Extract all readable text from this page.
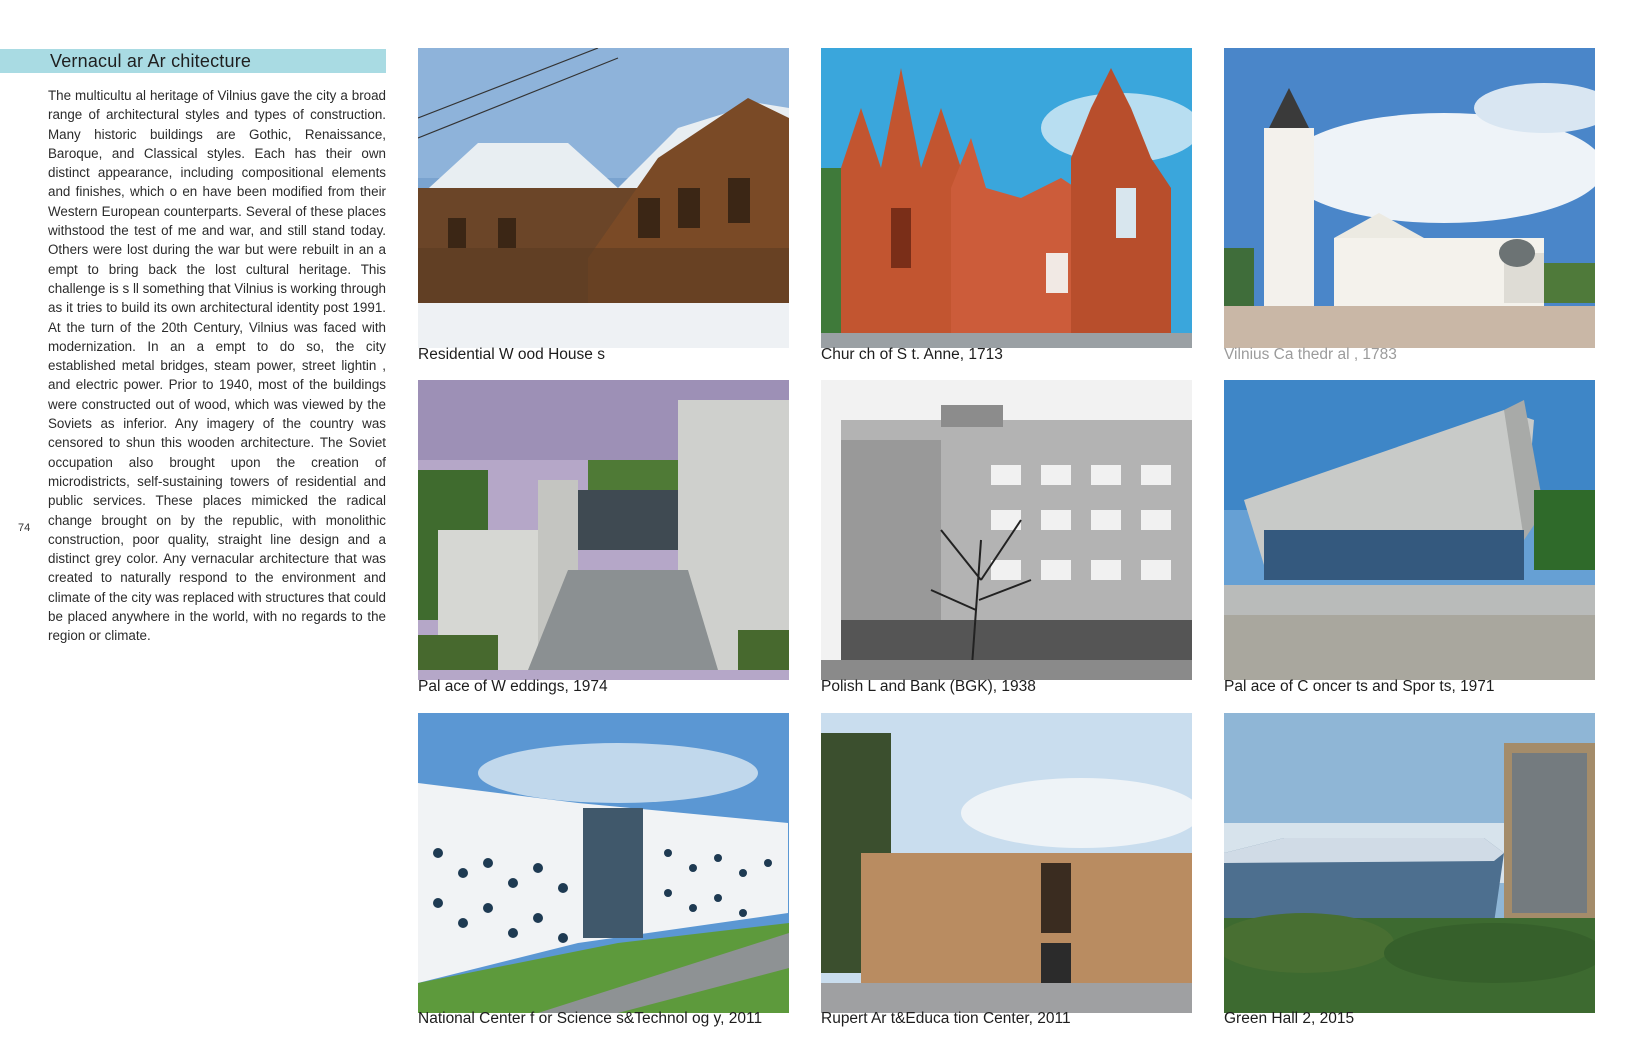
Vernacul ar Ar chitecture
The multicultu al heritage of Vilnius gave the city a broad range of architectural styles and types of construction. Many historic buildings are Gothic, Renaissance, Baroque, and Classical styles. Each has their own distinct appearance, including compositional elements and finishes, which o en have been modified from their Western European counterparts. Several of these places withstood the test of me and war, and still stand today. Others were lost during the war but were rebuilt in an a empt to bring back the lost cultural heritage. This challenge is s ll something that Vilnius is working through as it tries to build its own architectural identity post 1991. At the turn of the 20th Century, Vilnius was faced with modernization. In an a empt to do so, the city established metal bridges, steam power, street lightin , and electric power. Prior to 1940, most of the buildings were constructed out of wood, which was viewed by the Soviets as inferior. Any imagery of the country was censored to shun this wooden architecture. The Soviet occupation also brought upon the creation of microdistricts, self-sustaining towers of residential and public services. These places mimicked the radical change brought on by the republic, with monolithic construction, poor quality, straight line design and a distinct grey color. Any vernacular architecture that was created to naturally respond to the environment and climate of the city was replaced with structures that could be placed anywhere in the world, with no regards to the region or climate.
74
Residential W ood House s	Chur ch of S t. Anne, 1713	Vilnius Ca thedr al , 1783
Pal ace of W eddings, 1974	Polish L and Bank (BGK), 1938	Pal ace of C oncer ts and Spor ts, 1971
National Center f or Science s&Technol og y, 2011	Rupert Ar t&Educa tion Center, 2011	Green Hall 2, 2015
